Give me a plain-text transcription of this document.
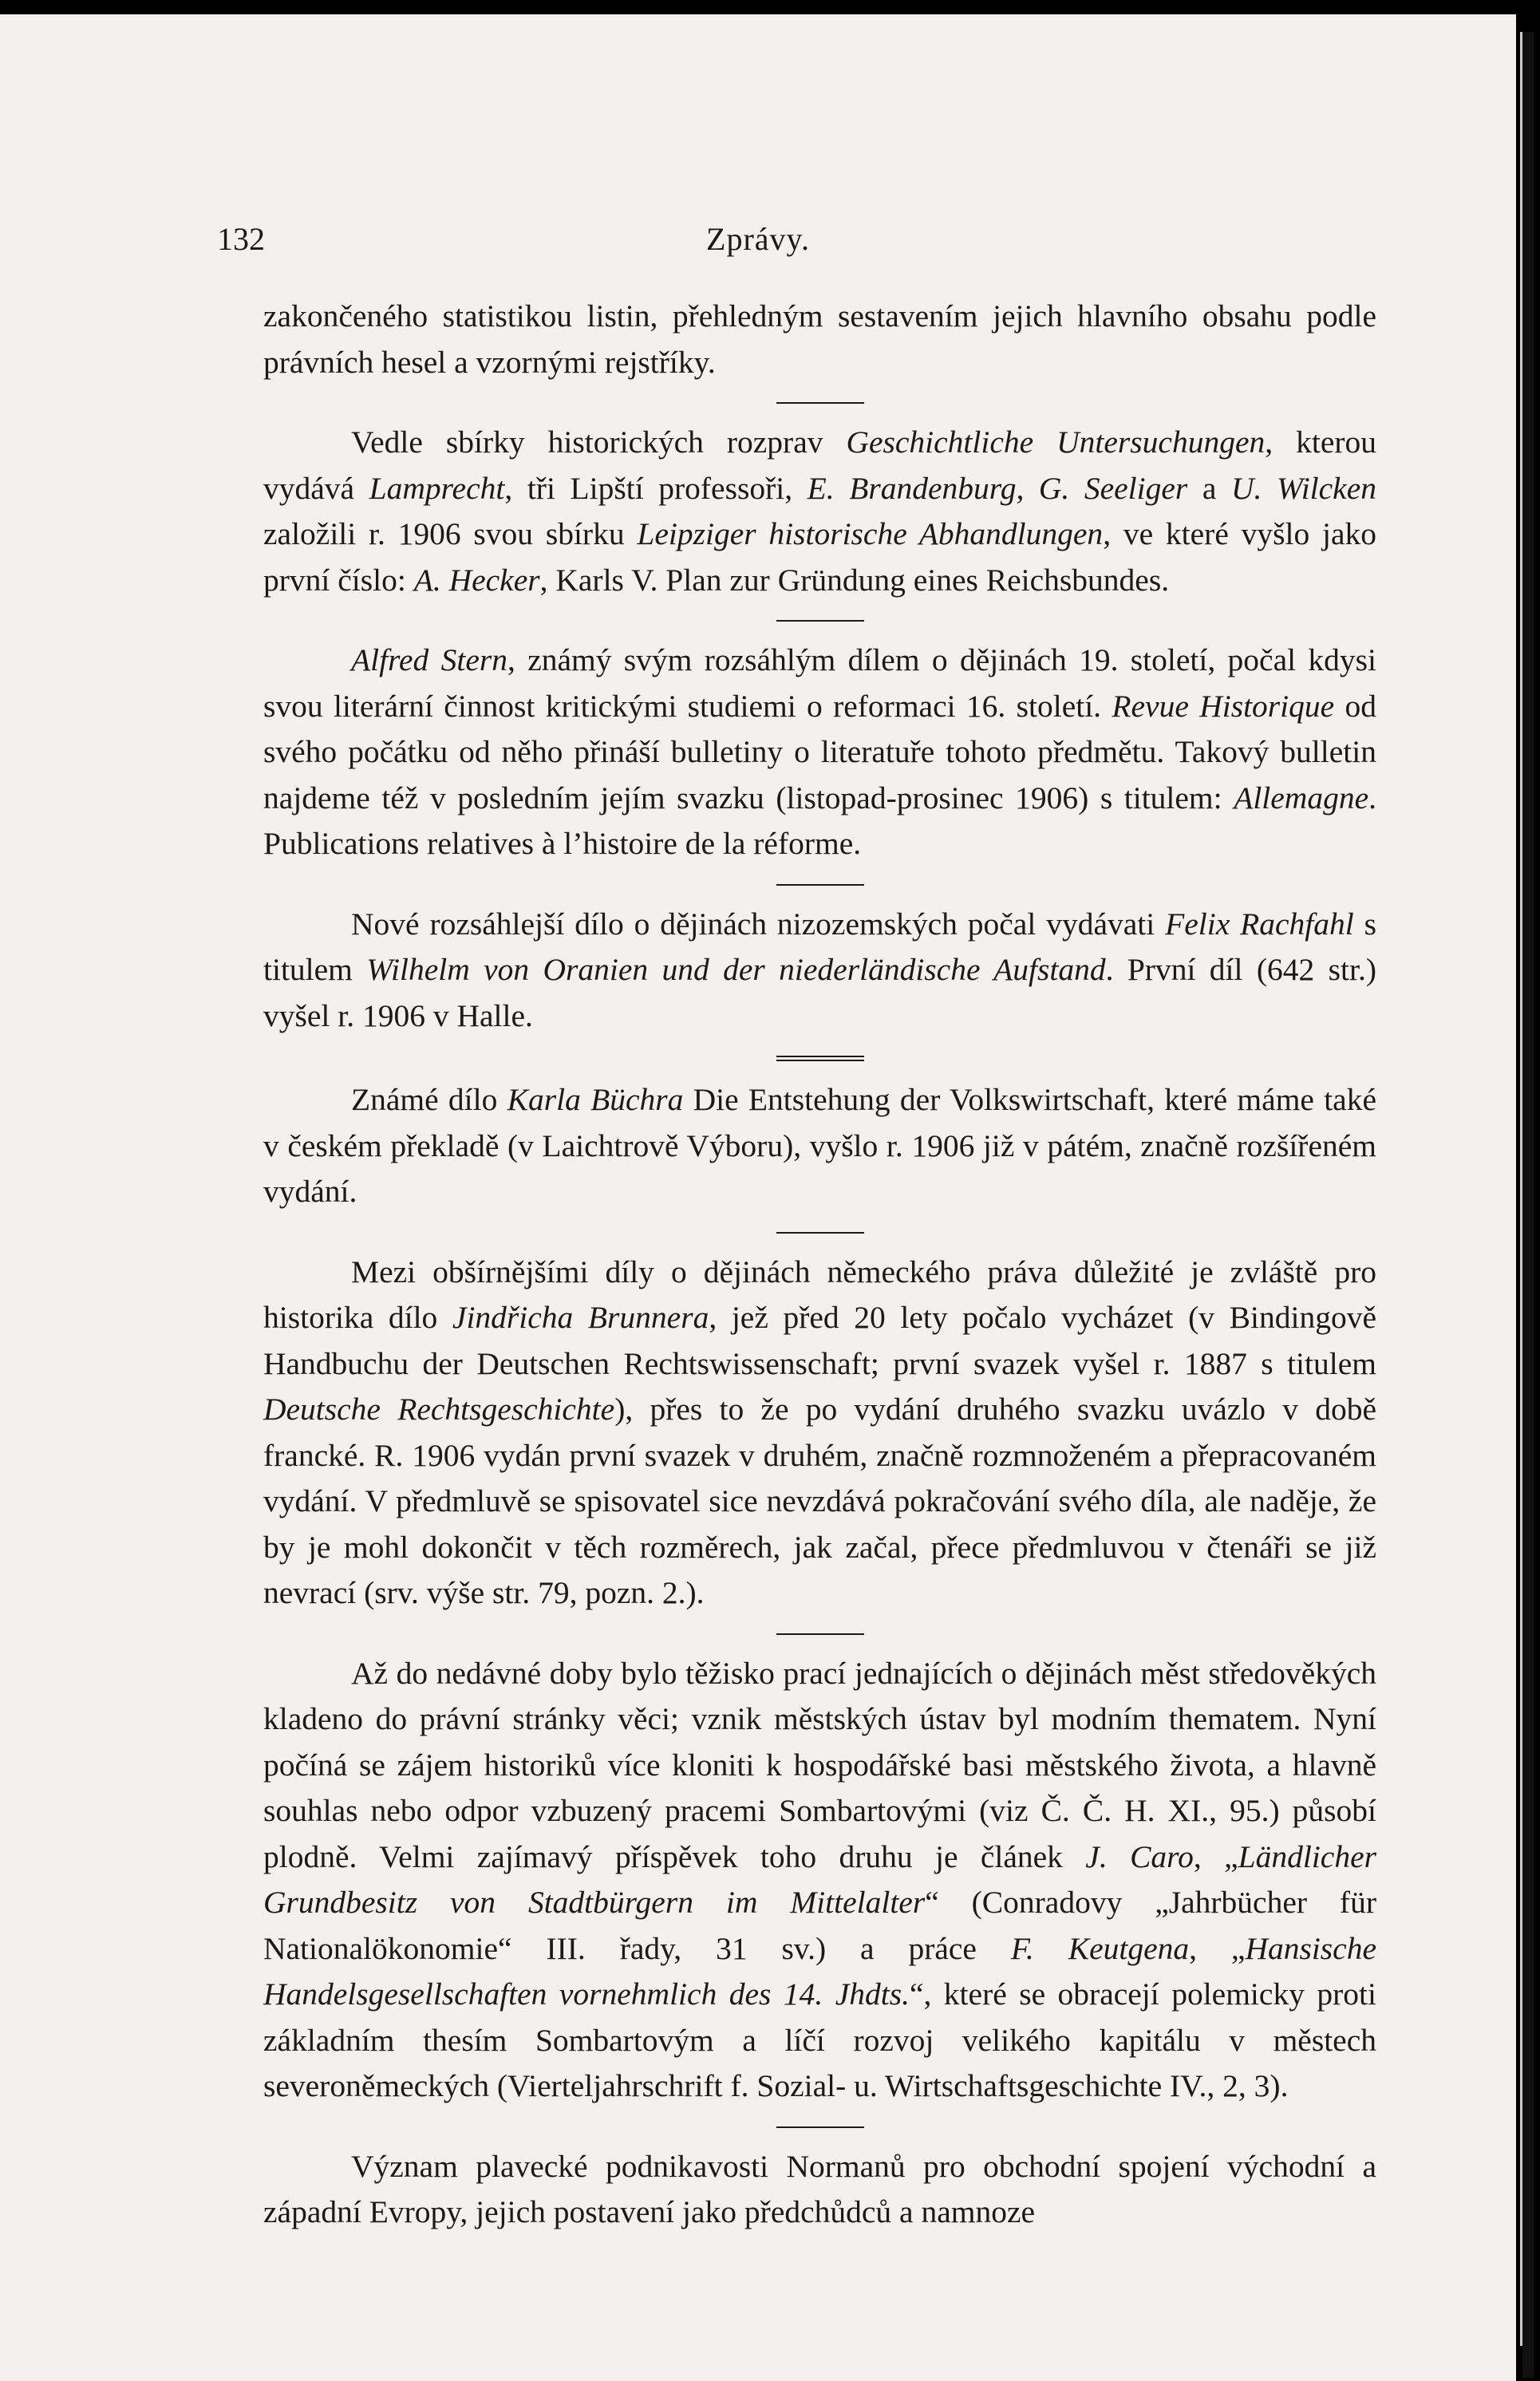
132	Zprávy.

zakončeného statistikou listin, přehledným sestavením jejich hlavního obsahu podle právních hesel a vzornými rejstříky.

Vedle sbírky historických rozprav Geschichtliche Untersuchungen, kterou vydává Lamprecht, tři Lipští professoři, E. Brandenburg, G. Seeliger a U. Wilcken založili r. 1906 svou sbírku Leipziger historische Abhandlungen, ve které vyšlo jako první číslo: A. Hecker, Karls V. Plan zur Gründung eines Reichsbundes.

Alfred Stern, známý svým rozsáhlým dílem o dějinách 19. století, počal kdysi svou literární činnost kritickými studiemi o reformaci 16. století. Revue Historique od svého počátku od něho přináší bulletiny o literatuře tohoto předmětu. Takový bulletin najdeme též v posledním jejím svazku (listopad-prosinec 1906) s titulem: Allemagne. Publications relatives à l’histoire de la réforme.

Nové rozsáhlejší dílo o dějinách nizozemských počal vydávati Felix Rachfahl s titulem Wilhelm von Oranien und der niederländische Aufstand. První díl (642 str.) vyšel r. 1906 v Halle.

Známé dílo Karla Büchra Die Entstehung der Volkswirtschaft, které máme také v českém překladě (v Laichtrově Výboru), vyšlo r. 1906 již v pátém, značně rozšířeném vydání.

Mezi obšírnějšími díly o dějinách německého práva důležité je zvláště pro historika dílo Jindřicha Brunnera, jež před 20 lety počalo vycházet (v Bindingově Handbuchu der Deutschen Rechtswissenschaft; první svazek vyšel r. 1887 s titulem Deutsche Rechtsgeschichte), přes to že po vydání druhého svazku uvázlo v době francké. R. 1906 vydán první svazek v druhém, značně rozmnoženém a přepracovaném vydání. V předmluvě se spisovatel sice nevzdává pokračování svého díla, ale naděje, že by je mohl dokončit v těch rozměrech, jak začal, přece předmluvou v čtenáři se již nevrací (srv. výše str. 79, pozn. 2.).

Až do nedávné doby bylo těžisko prací jednajících o dějinách měst středověkých kladeno do právní stránky věci; vznik městských ústav byl modním thematem. Nyní počíná se zájem historiků více kloniti k hospodářské basi městského života, a hlavně souhlas nebo odpor vzbuzený pracemi Sombartovými (viz Č. Č. H. XI., 95.) působí plodně. Velmi zajímavý příspěvek toho druhu je článek J. Caro, „Ländlicher Grundbesitz von Stadtbürgern im Mittelalter“ (Conradovy „Jahrbücher für Nationalökonomie“ III. řady, 31 sv.) a práce F. Keutgena, „Hansische Handelsgesellschaften vornehmlich des 14. Jhdts.“, které se obracejí polemicky proti základním thesím Sombartovým a líčí rozvoj velikého kapitálu v městech severoněmeckých (Vierteljahrschrift f. Sozial- u. Wirtschaftsgeschichte IV., 2, 3).

Význam plavecké podnikavosti Normanů pro obchodní spojení východní a západní Evropy, jejich postavení jako předchůdců a namnoze
